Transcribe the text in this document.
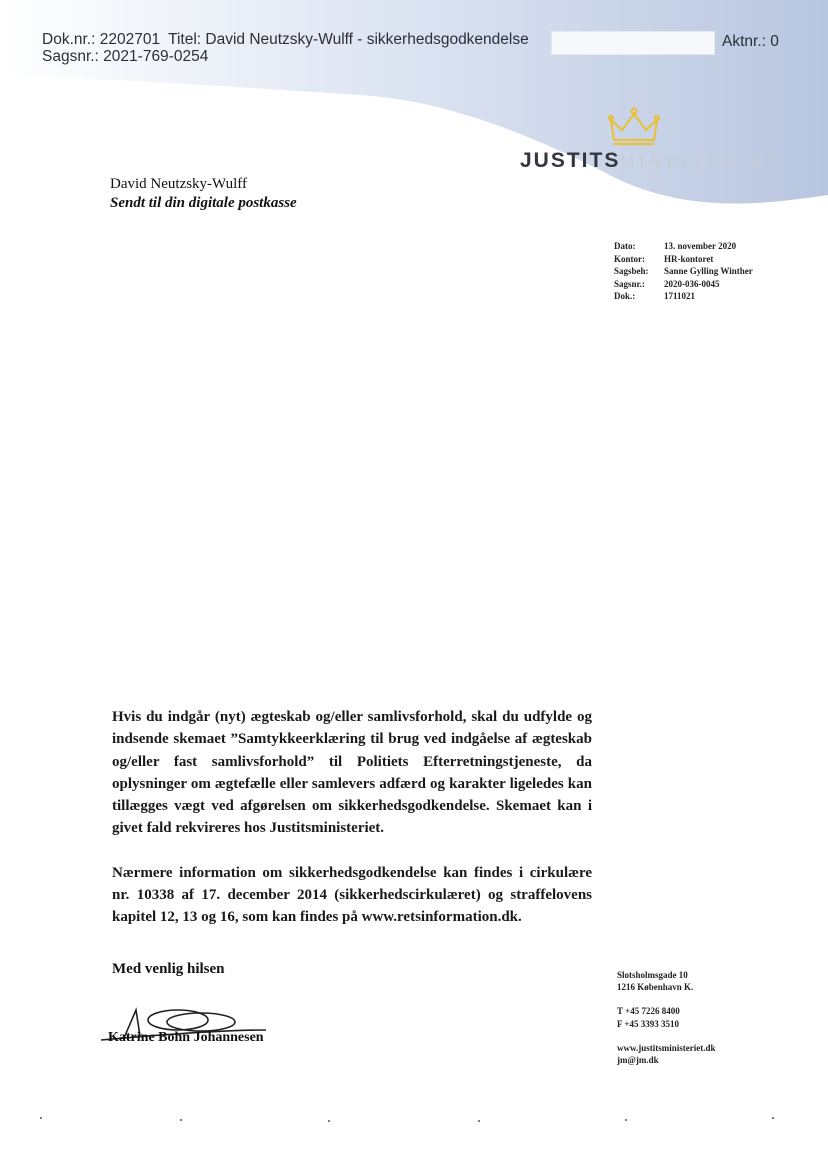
Dok.nr.: 2202701 Titel: David Neutzsky-Wulff - sikkerhedsgodkendelse
Sagsnr.: 2021-769-0254
Aktnr.: 0
JUSTITSMINISTERIET
David Neutzsky-Wulff
Sendt til din digitale postkasse
Dato:	13. november 2020
Kontor:	HR-kontoret
Sagsbeh:	Sanne Gylling Winther
Sagsnr.:	2020-036-0045
Dok.:	1711021

Hvis du indgår (nyt) ægteskab og/eller samlivsforhold, skal du udfylde og indsende skemaet ”Samtykkeerklæring til brug ved indgåelse af ægteskab og/eller fast samlivsforhold” til Politiets Efterretningstjeneste, da oplysninger om ægtefælle eller samlevers adfærd og karakter ligeledes kan tillægges vægt ved afgørelsen om sikkerhedsgodkendelse. Skemaet kan i givet fald rekvireres hos Justitsministeriet.

Nærmere information om sikkerhedsgodkendelse kan findes i cirkulære nr. 10338 af 17. december 2014 (sikkerhedscirkulæret) og straffelovens kapitel 12, 13 og 16, som kan findes på www.retsinformation.dk.

Med venlig hilsen
Katrine Bohn Johannesen
Slotsholmsgade 10
1216 København K.
T +45 7226 8400
F +45 3393 3510
www.justitsministeriet.dk
jm@jm.dk
